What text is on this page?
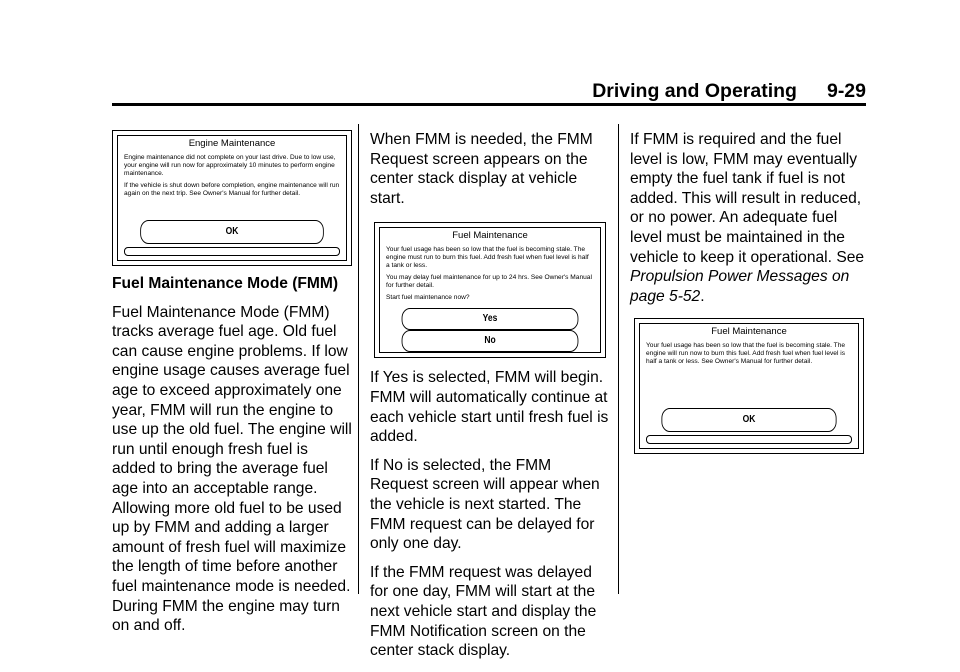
Driving and Operating 9-29
Engine Maintenance

Engine maintenance did not complete on your last drive. Due to low use, your engine will run now for approximately 10 minutes to perform engine maintenance.

If the vehicle is shut down before completion, engine maintenance will run again on the next trip. See Owner's Manual for further detail.

OK
Fuel Maintenance Mode (FMM)

Fuel Maintenance Mode (FMM) tracks average fuel age. Old fuel can cause engine problems. If low engine usage causes average fuel age to exceed approximately one year, FMM will run the engine to use up the old fuel. The engine will run until enough fresh fuel is added to bring the average fuel age into an acceptable range. Allowing more old fuel to be used up by FMM and adding a larger amount of fresh fuel will maximize the length of time before another fuel maintenance mode is needed. During FMM the engine may turn on and off.

When FMM is needed, the FMM Request screen appears on the center stack display at vehicle start.

Fuel Maintenance

Your fuel usage has been so low that the fuel is becoming stale. The engine must run to burn this fuel. Add fresh fuel when fuel level is half a tank or less.

You may delay fuel maintenance for up to 24 hrs. See Owner's Manual for further detail.

Start fuel maintenance now?

Yes
No

If Yes is selected, FMM will begin. FMM will automatically continue at each vehicle start until fresh fuel is added.

If No is selected, the FMM Request screen will appear when the vehicle is next started. The FMM request can be delayed for only one day.

If the FMM request was delayed for one day, FMM will start at the next vehicle start and display the FMM Notification screen on the center stack display.

If FMM is required and the fuel level is low, FMM may eventually empty the fuel tank if fuel is not added. This will result in reduced, or no power. An adequate fuel level must be maintained in the vehicle to keep it operational. See Propulsion Power Messages on page 5-52.

Fuel Maintenance

Your fuel usage has been so low that the fuel is becoming stale. The engine will run now to burn this fuel. Add fresh fuel when fuel level is half a tank or less. See Owner's Manual for further detail.

OK
